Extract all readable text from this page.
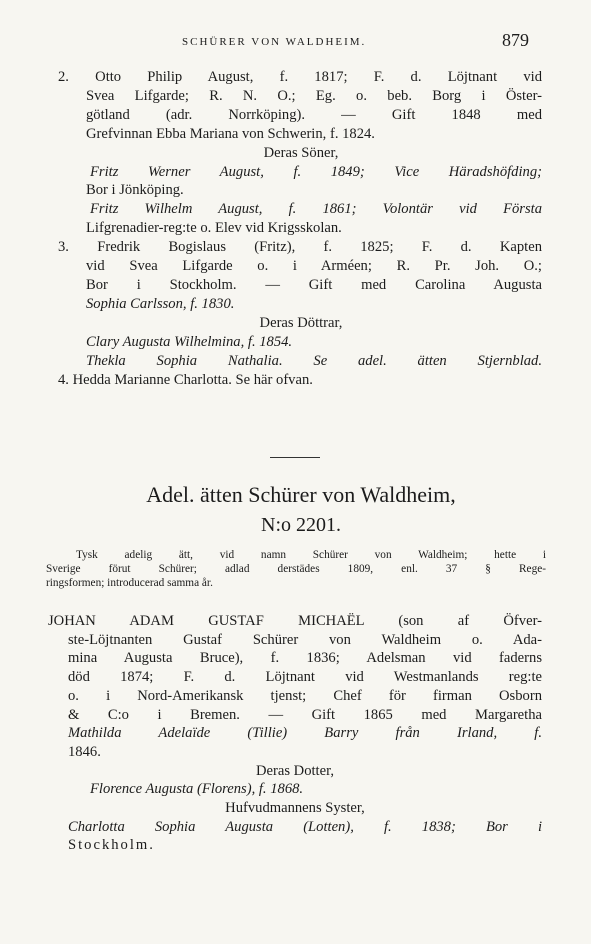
SCHÜRER VON WALDHEIM.	879
2. Otto Philip August, f. 1817; F. d. Löjtnant vid
Svea Lifgarde; R. N. O.; Eg. o. beb. Borg i Öster-
götland (adr. Norrköping). — Gift 1848 med
Grefvinnan Ebba Mariana von Schwerin, f. 1824.
Deras Söner,
Fritz Werner August, f. 1849; Vice Häradshöfding;
Bor i Jönköping.
Fritz Wilhelm August, f. 1861; Volontär vid Första
Lifgrenadier-reg:te o. Elev vid Krigsskolan.
3. Fredrik Bogislaus (Fritz), f. 1825; F. d. Kapten
vid Svea Lifgarde o. i Arméen; R. Pr. Joh. O.;
Bor i Stockholm. — Gift med Carolina Augusta
Sophia Carlsson, f. 1830.
Deras Döttrar,
Clary Augusta Wilhelmina, f. 1854.
Thekla Sophia Nathalia. Se adel. ätten Stjernblad.
4. Hedda Marianne Charlotta. Se här ofvan.
Adel. ätten Schürer von Waldheim,
N:o 2201.
Tysk adelig ätt, vid namn Schürer von Waldheim; hette i
Sverige förut Schürer; adlad derstädes 1809, enl. 37 § Rege-
ringsformen; introducerad samma år.
JOHAN ADAM GUSTAF MICHAËL (son af Öfver-
ste-Löjtnanten Gustaf Schürer von Waldheim o. Ada-
mina Augusta Bruce), f. 1836; Adelsman vid faderns
död 1874; F. d. Löjtnant vid Westmanlands reg:te
o. i Nord-Amerikansk tjenst; Chef för firman Osborn
& C:o i Bremen. — Gift 1865 med Margaretha
Mathilda Adelaïde (Tillie) Barry från Irland, f.
1846.
Deras Dotter,
Florence Augusta (Florens), f. 1868.
Hufvudmannens Syster,
Charlotta Sophia Augusta (Lotten), f. 1838; Bor i
Stockholm.
